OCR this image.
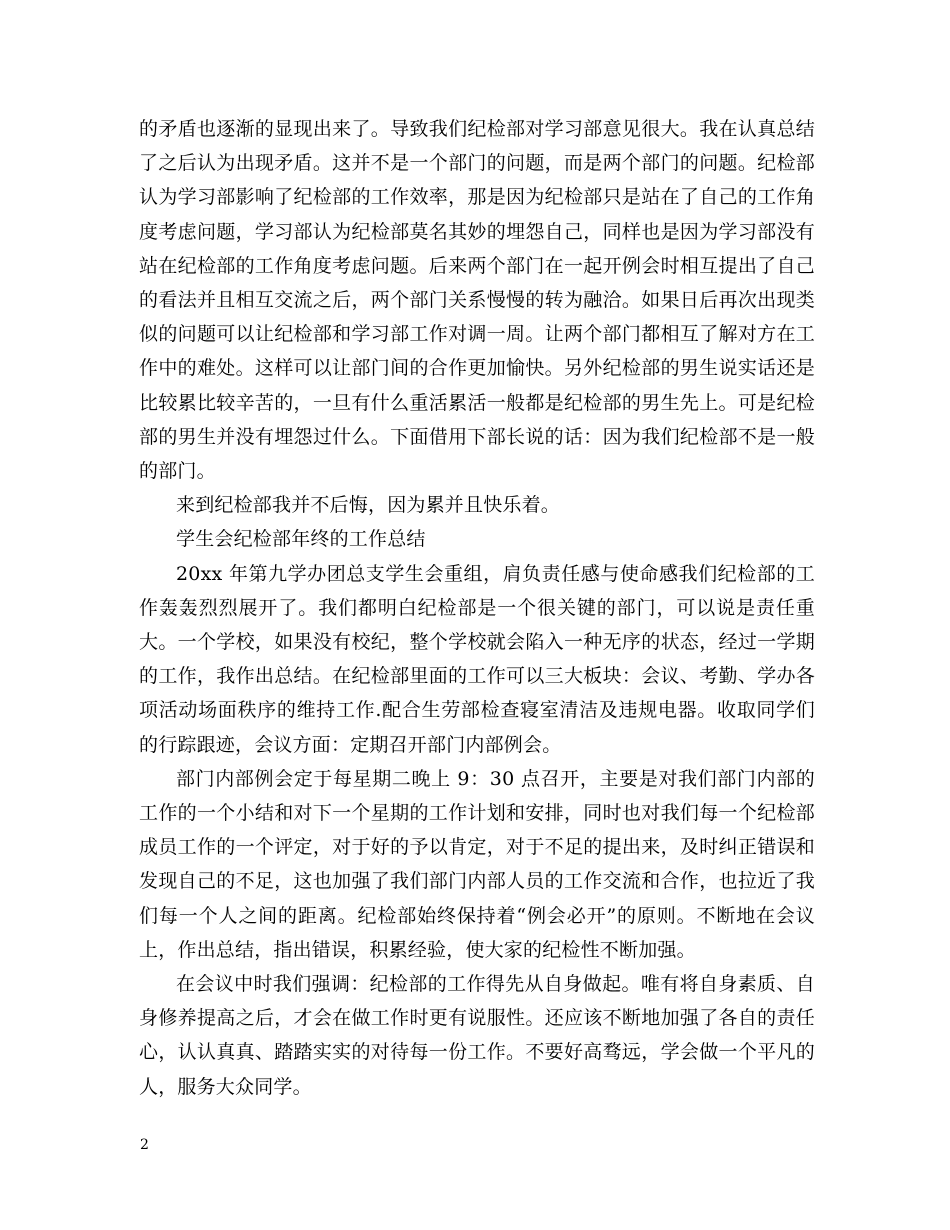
的矛盾也逐渐的显现出来了。导致我们纪检部对学习部意见很大。我在认真总结了之后认为出现矛盾。这并不是一个部门的问题，而是两个部门的问题。纪检部认为学习部影响了纪检部的工作效率，那是因为纪检部只是站在了自己的工作角度考虑问题，学习部认为纪检部莫名其妙的埋怨自己，同样也是因为学习部没有站在纪检部的工作角度考虑问题。后来两个部门在一起开例会时相互提出了自己的看法并且相互交流之后，两个部门关系慢慢的转为融洽。如果日后再次出现类似的问题可以让纪检部和学习部工作对调一周。让两个部门都相互了解对方在工作中的难处。这样可以让部门间的合作更加愉快。另外纪检部的男生说实话还是比较累比较辛苦的，一旦有什么重活累活一般都是纪检部的男生先上。可是纪检部的男生并没有埋怨过什么。下面借用下部长说的话：因为我们纪检部不是一般的部门。

来到纪检部我并不后悔，因为累并且快乐着。

学生会纪检部年终的工作总结

20xx 年第九学办团总支学生会重组，肩负责任感与使命感我们纪检部的工作轰轰烈烈展开了。我们都明白纪检部是一个很关键的部门，可以说是责任重大。一个学校，如果没有校纪，整个学校就会陷入一种无序的状态，经过一学期的工作，我作出总结。在纪检部里面的工作可以三大板块：会议、考勤、学办各项活动场面秩序的维持工作.配合生劳部检查寝室清洁及违规电器。收取同学们的行踪跟迹，会议方面：定期召开部门内部例会。

部门内部例会定于每星期二晚上 9：30 点召开，主要是对我们部门内部的工作的一个小结和对下一个星期的工作计划和安排，同时也对我们每一个纪检部成员工作的一个评定，对于好的予以肯定，对于不足的提出来，及时纠正错误和发现自己的不足，这也加强了我们部门内部人员的工作交流和合作，也拉近了我们每一个人之间的距离。纪检部始终保持着“例会必开”的原则。不断地在会议上，作出总结，指出错误，积累经验，使大家的纪检性不断加强。

在会议中时我们强调：纪检部的工作得先从自身做起。唯有将自身素质、自身修养提高之后，才会在做工作时更有说服性。还应该不断地加强了各自的责任心，认认真真、踏踏实实的对待每一份工作。不要好高骛远，学会做一个平凡的人，服务大众同学。

2
